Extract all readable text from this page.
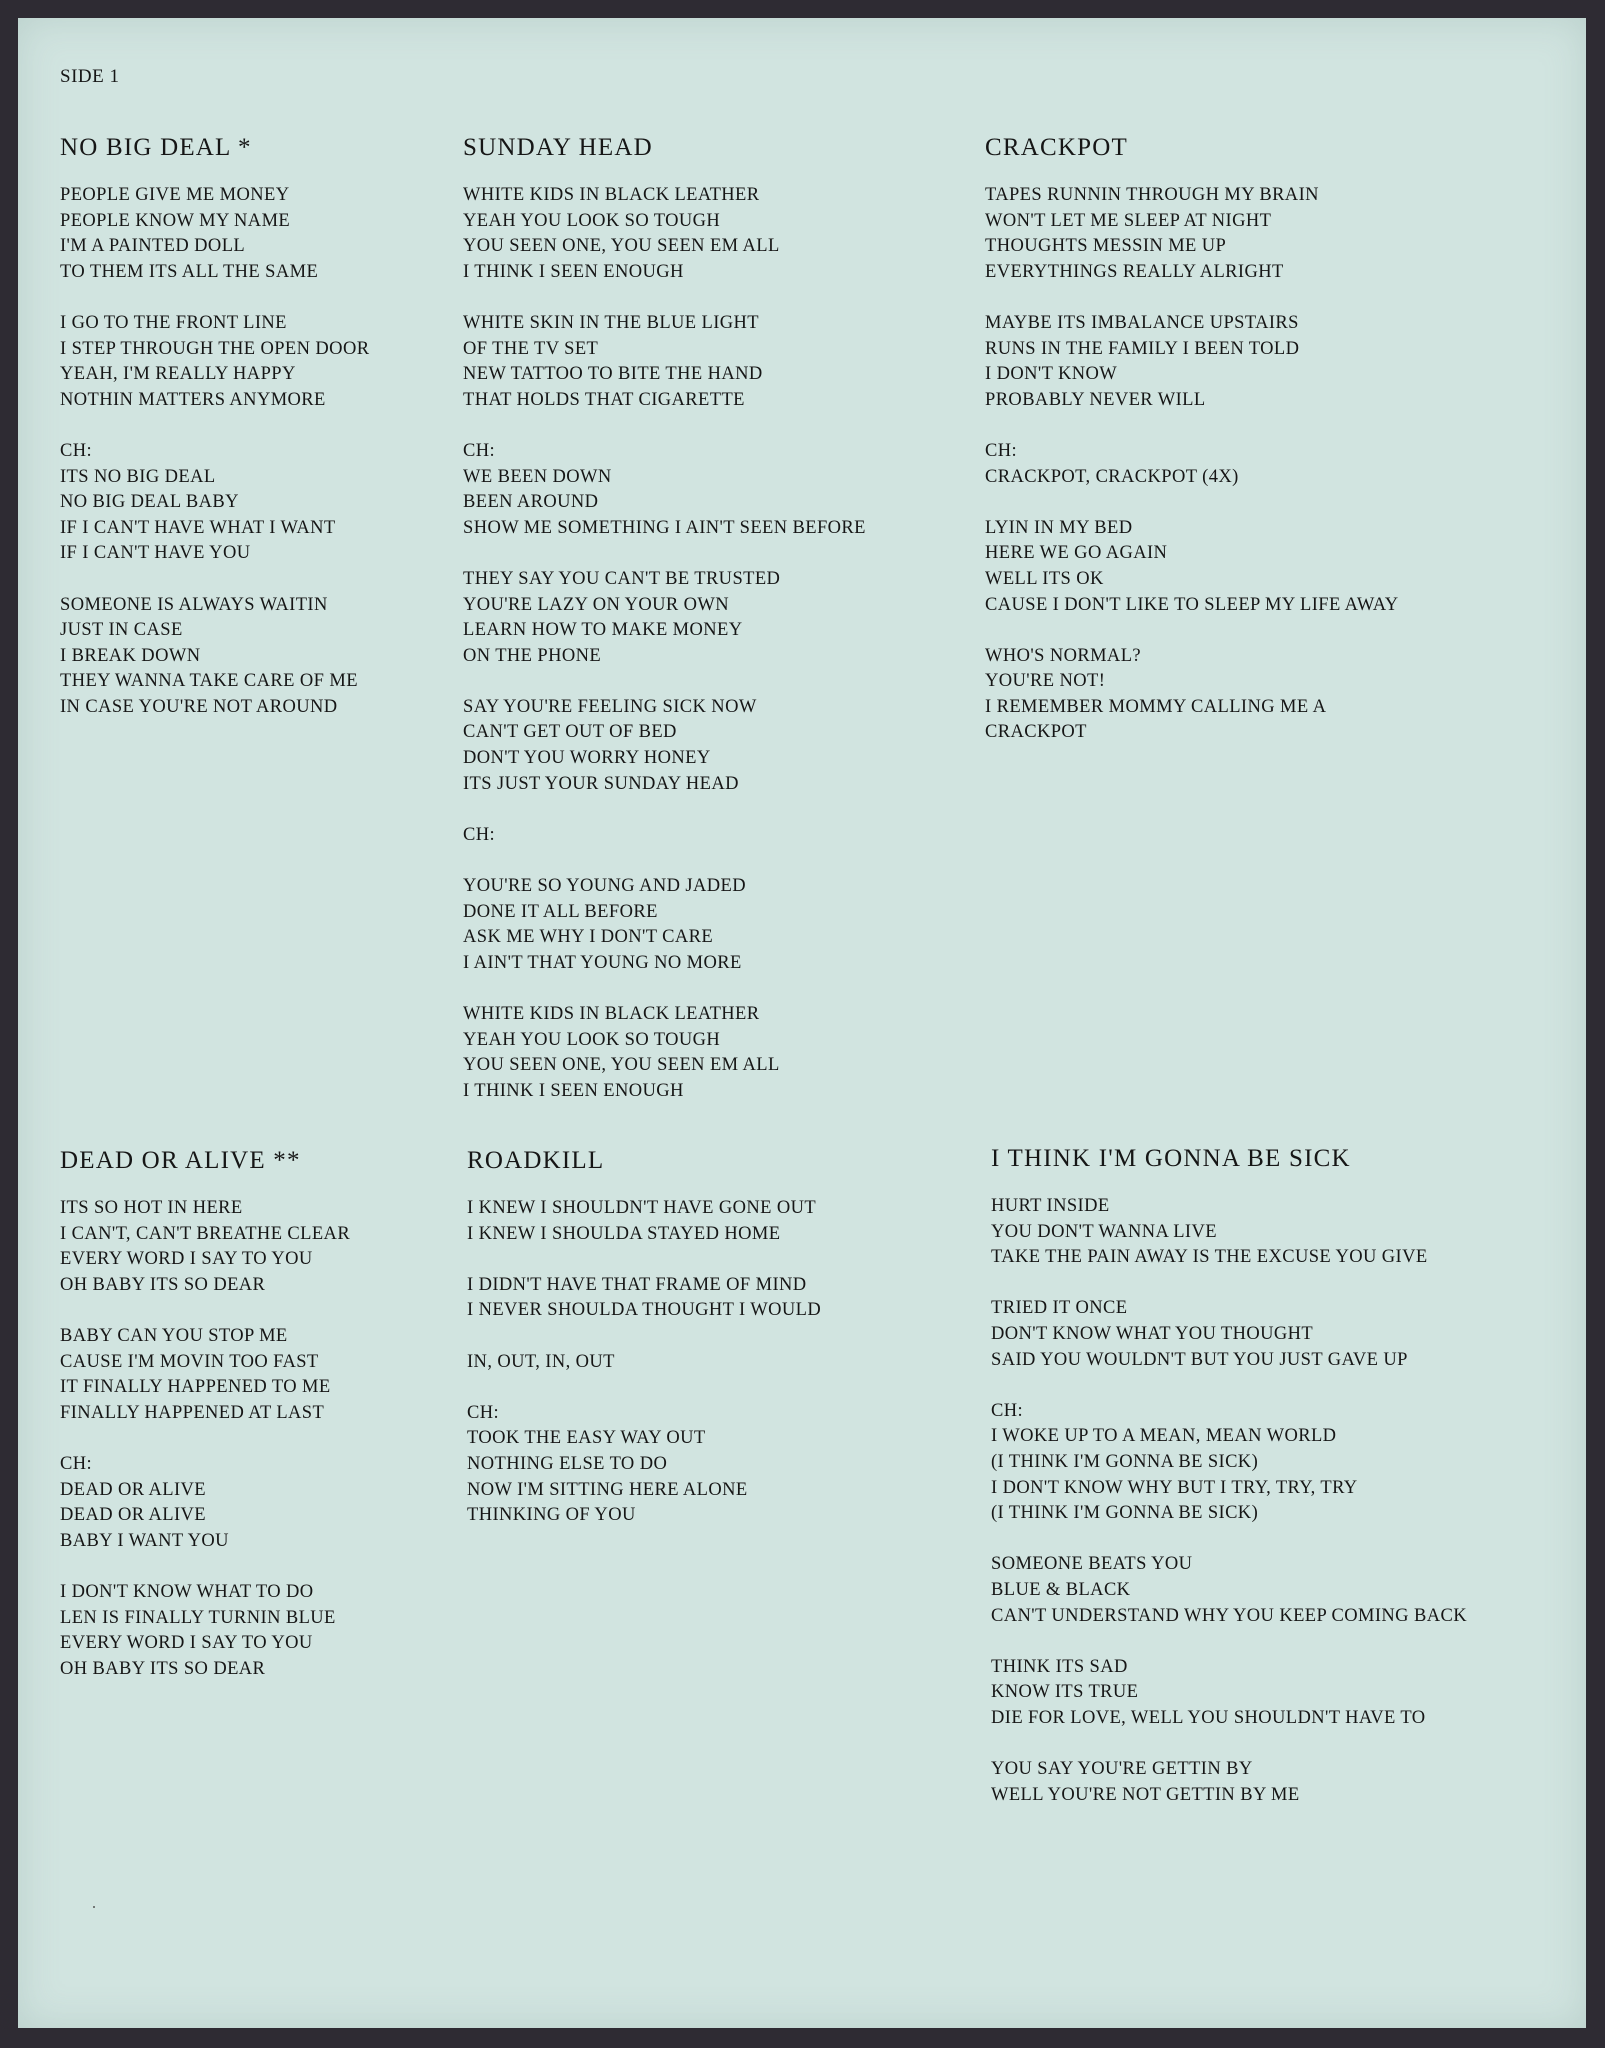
SIDE 1
NO BIG DEAL *
PEOPLE GIVE ME MONEY
PEOPLE KNOW MY NAME
I'M A PAINTED DOLL
TO THEM ITS ALL THE SAME
I GO TO THE FRONT LINE
I STEP THROUGH THE OPEN DOOR
YEAH, I'M REALLY HAPPY
NOTHIN MATTERS ANYMORE
CH:
ITS NO BIG DEAL
NO BIG DEAL BABY
IF I CAN'T HAVE WHAT I WANT
IF I CAN'T HAVE YOU
SOMEONE IS ALWAYS WAITIN
JUST IN CASE
I BREAK DOWN
THEY WANNA TAKE CARE OF ME
IN CASE YOU'RE NOT AROUND
SUNDAY HEAD
WHITE KIDS IN BLACK LEATHER
YEAH YOU LOOK SO TOUGH
YOU SEEN ONE, YOU SEEN EM ALL
I THINK I SEEN ENOUGH
WHITE SKIN IN THE BLUE LIGHT
OF THE TV SET
NEW TATTOO TO BITE THE HAND
THAT HOLDS THAT CIGARETTE
CH:
WE BEEN DOWN
BEEN AROUND
SHOW ME SOMETHING I AIN'T SEEN BEFORE
THEY SAY YOU CAN'T BE TRUSTED
YOU'RE LAZY ON YOUR OWN
LEARN HOW TO MAKE MONEY
ON THE PHONE
SAY YOU'RE FEELING SICK NOW
CAN'T GET OUT OF BED
DON'T YOU WORRY HONEY
ITS JUST YOUR SUNDAY HEAD
CH:
YOU'RE SO YOUNG AND JADED
DONE IT ALL BEFORE
ASK ME WHY I DON'T CARE
I AIN'T THAT YOUNG NO MORE
WHITE KIDS IN BLACK LEATHER
YEAH YOU LOOK SO TOUGH
YOU SEEN ONE, YOU SEEN EM ALL
I THINK I SEEN ENOUGH
CRACKPOT
TAPES RUNNIN THROUGH MY BRAIN
WON'T LET ME SLEEP AT NIGHT
THOUGHTS MESSIN ME UP
EVERYTHINGS REALLY ALRIGHT
MAYBE ITS IMBALANCE UPSTAIRS
RUNS IN THE FAMILY I BEEN TOLD
I DON'T KNOW
PROBABLY NEVER WILL
CH:
CRACKPOT, CRACKPOT (4X)
LYIN IN MY BED
HERE WE GO AGAIN
WELL ITS OK
CAUSE I DON'T LIKE TO SLEEP MY LIFE AWAY
WHO'S NORMAL?
YOU'RE NOT!
I REMEMBER MOMMY CALLING ME A
CRACKPOT
DEAD OR ALIVE **
ITS SO HOT IN HERE
I CAN'T, CAN'T BREATHE CLEAR
EVERY WORD I SAY TO YOU
OH BABY ITS SO DEAR
BABY CAN YOU STOP ME
CAUSE I'M MOVIN TOO FAST
IT FINALLY HAPPENED TO ME
FINALLY HAPPENED AT LAST
CH:
DEAD OR ALIVE
DEAD OR ALIVE
BABY I WANT YOU
I DON'T KNOW WHAT TO DO
LEN IS FINALLY TURNIN BLUE
EVERY WORD I SAY TO YOU
OH BABY ITS SO DEAR
ROADKILL
I KNEW I SHOULDN'T HAVE GONE OUT
I KNEW I SHOULDA STAYED HOME
I DIDN'T HAVE THAT FRAME OF MIND
I NEVER SHOULDA THOUGHT I WOULD
IN, OUT, IN, OUT
CH:
TOOK THE EASY WAY OUT
NOTHING ELSE TO DO
NOW I'M SITTING HERE ALONE
THINKING OF YOU
I THINK I'M GONNA BE SICK
HURT INSIDE
YOU DON'T WANNA LIVE
TAKE THE PAIN AWAY IS THE EXCUSE YOU GIVE
TRIED IT ONCE
DON'T KNOW WHAT YOU THOUGHT
SAID YOU WOULDN'T BUT YOU JUST GAVE UP
CH:
I WOKE UP TO A MEAN, MEAN WORLD
(I THINK I'M GONNA BE SICK)
I DON'T KNOW WHY BUT I TRY, TRY, TRY
(I THINK I'M GONNA BE SICK)
SOMEONE BEATS YOU
BLUE & BLACK
CAN'T UNDERSTAND WHY YOU KEEP COMING BACK
THINK ITS SAD
KNOW ITS TRUE
DIE FOR LOVE, WELL YOU SHOULDN'T HAVE TO
YOU SAY YOU'RE GETTIN BY
WELL YOU'RE NOT GETTIN BY ME
